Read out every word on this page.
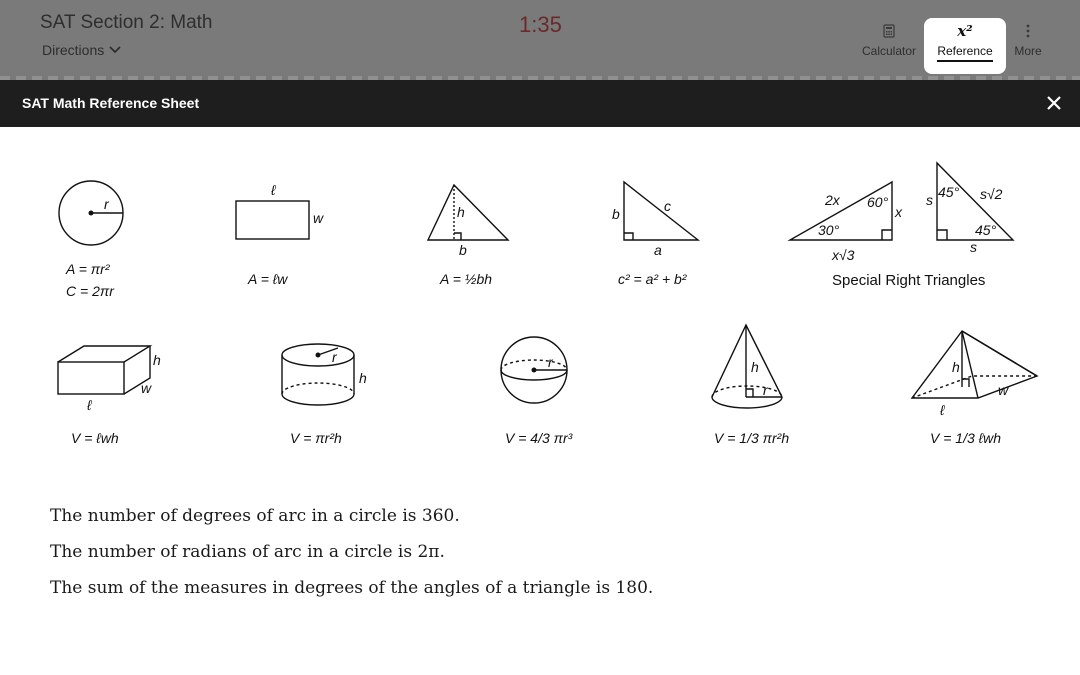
SAT Section 2: Math
Directions
1:35
Calculator
x²
Reference	More
SAT Math Reference Sheet
r
A = πr²
C = 2πr
ℓ
w
A = ℓw
h
b
A = ½bh
b	c
a
c² = a² + b²
2x 60°
x
30°
x√3
45° s√2
s
45°
s
Special Right Triangles
h
w
ℓ
V = ℓwh
r
h
V = πr²h
r
V = 4/3 πr³
h
r
V = 1/3 πr²h
h
w
ℓ
V = 1/3 ℓwh

The number of degrees of arc in a circle is 360.

The number of radians of arc in a circle is 2π.

The sum of the measures in degrees of the angles of a triangle is 180.
